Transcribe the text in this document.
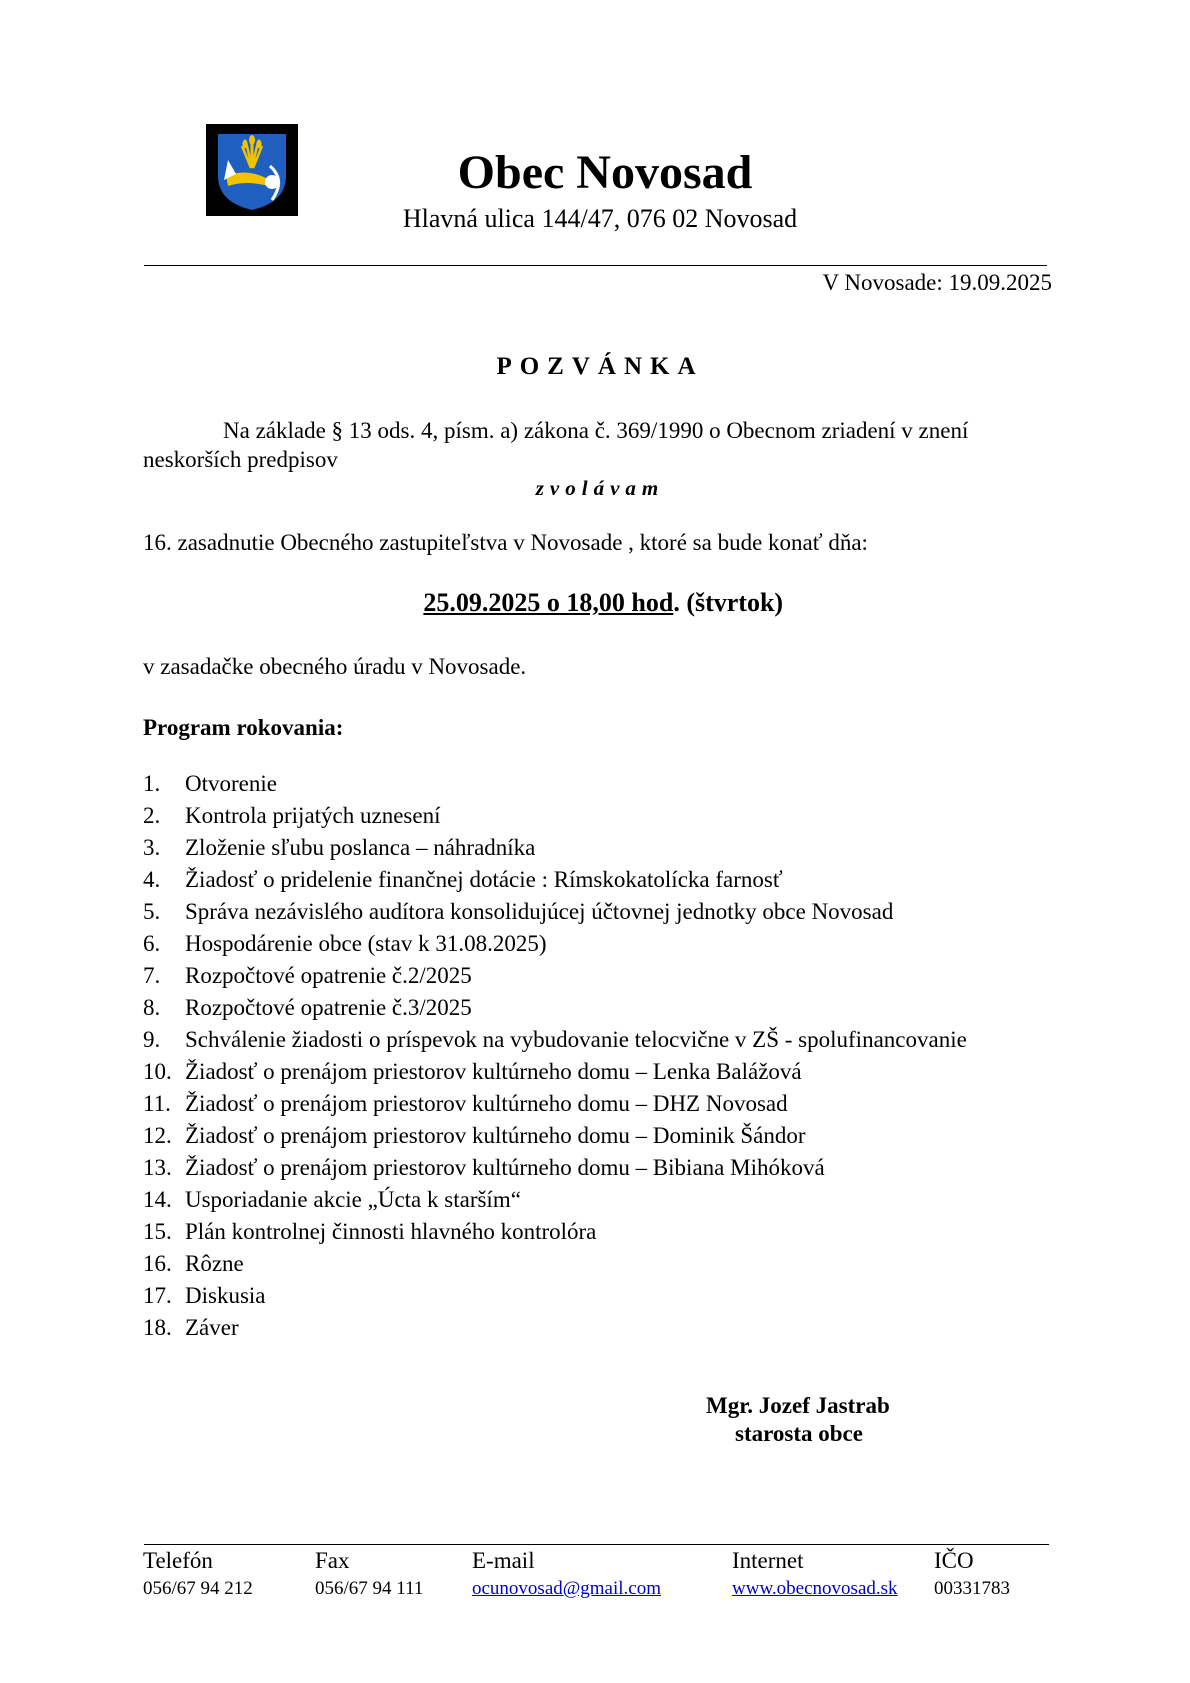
Obec Novosad
Hlavná ulica 144/47, 076 02 Novosad
V Novosade: 19.09.2025
POZVÁNKA
Na základe § 13 ods. 4, písm. a) zákona č. 369/1990 o Obecnom zriadení v znení
neskorších predpisov
zvolávam
16. zasadnutie Obecného zastupiteľstva v Novosade , ktoré sa bude konať dňa:
25.09.2025 o 18,00 hod. (štvrtok)
v zasadačke obecného úradu v Novosade.
Program rokovania:
1. Otvorenie
2. Kontrola prijatých uznesení
3. Zloženie sľubu poslanca – náhradníka
4. Žiadosť o pridelenie finančnej dotácie : Rímskokatolícka farnosť
5. Správa nezávislého audítora konsolidujúcej účtovnej jednotky obce Novosad
6. Hospodárenie obce (stav k 31.08.2025)
7. Rozpočtové opatrenie č.2/2025
8. Rozpočtové opatrenie č.3/2025
9. Schválenie žiadosti o príspevok na vybudovanie telocvične v ZŠ - spolufinancovanie
10. Žiadosť o prenájom priestorov kultúrneho domu – Lenka Balážová
11. Žiadosť o prenájom priestorov kultúrneho domu – DHZ Novosad
12. Žiadosť o prenájom priestorov kultúrneho domu – Dominik Šándor
13. Žiadosť o prenájom priestorov kultúrneho domu – Bibiana Mihóková
14. Usporiadanie akcie „Úcta k starším“
15. Plán kontrolnej činnosti hlavného kontrolóra
16. Rôzne
17. Diskusia
18. Záver
Mgr. Jozef Jastrab
starosta obce
Telefón	Fax	E-mail	Internet	IČO
056/67 94 212	056/67 94 111	ocunovosad@gmail.com	www.obecnovosad.sk 00331783
